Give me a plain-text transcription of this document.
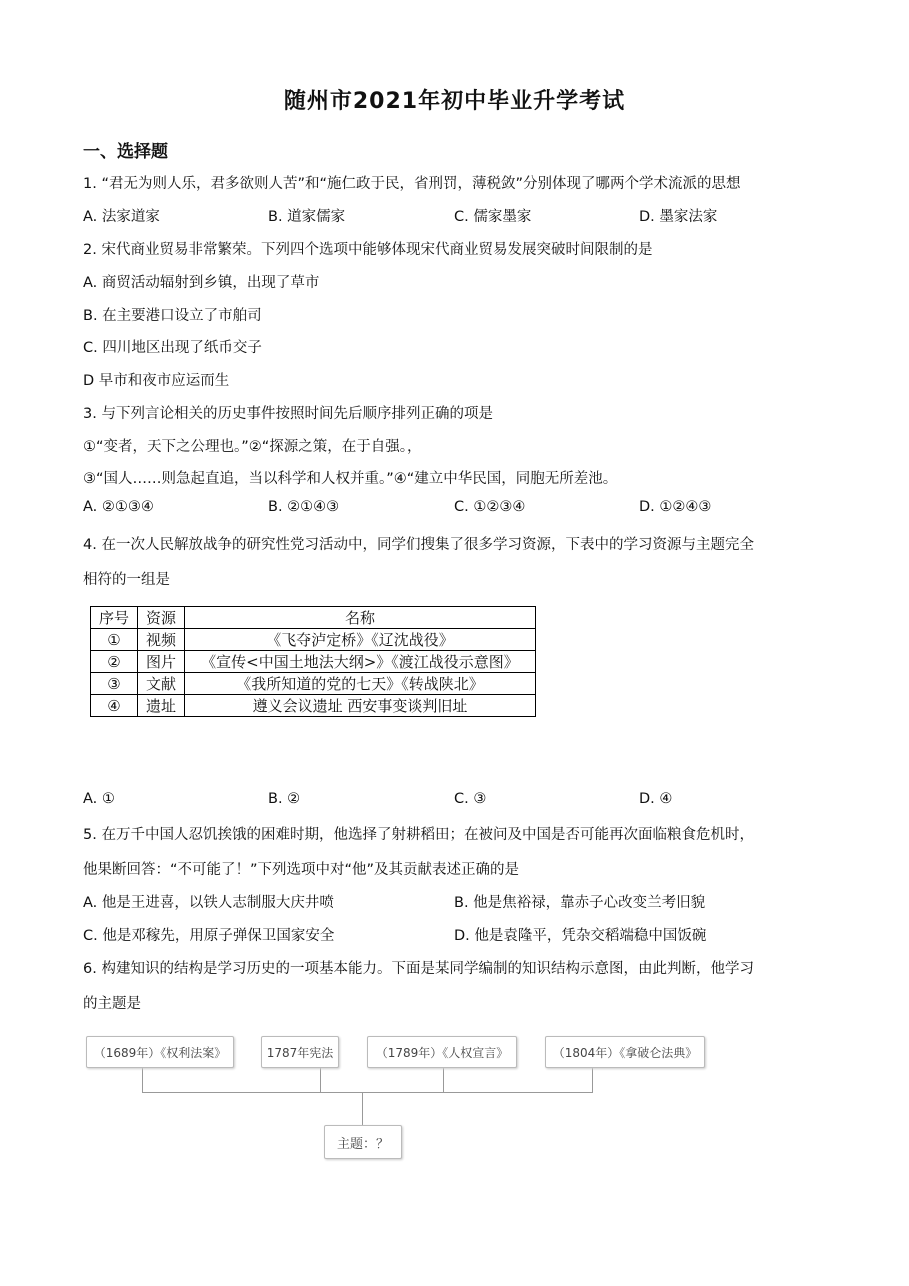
随州市2021年初中毕业升学考试
一、选择题
1. “君无为则人乐，君多欲则人苦”和“施仁政于民，省刑罚，薄税敛”分别体现了哪两个学术流派的思想
A. 法家道家	B. 道家儒家	C. 儒家墨家	D. 墨家法家
2. 宋代商业贸易非常繁荣。下列四个选项中能够体现宋代商业贸易发展突破时间限制的是
A. 商贸活动辐射到乡镇，出现了草市
B. 在主要港口设立了市舶司
C. 四川地区出现了纸币交子
D 早市和夜市应运而生
3. 与下列言论相关的历史事件按照时间先后顺序排列正确的项是
①“变者，天下之公理也。”②“探源之策，在于自强。，
③“国人……则急起直追，当以科学和人权并重。”④“建立中华民国，同胞无所差池。
A. ②①③④	B. ②①④③	C. ①②③④	D. ①②④③
4. 在一次人民解放战争的研究性党习活动中，同学们搜集了很多学习资源，下表中的学习资源与主题完全
相符的一组是
序号	资源	名称
①	视频	《飞夺泸定桥》《辽沈战役》
②	图片	《宣传<中国土地法大纲>》《渡江战役示意图》
③	文献	《我所知道的党的七天》《转战陕北》
④	遗址	遵义会议遗址 西安事变谈判旧址
A. ①	B. ②	C. ③	D. ④
5. 在万千中国人忍饥挨饿的困难时期，他选择了射耕稻田；在被问及中国是否可能再次面临粮食危机时，
他果断回答：“不可能了！”下列选项中对“他”及其贡献表述正确的是
A. 他是王进喜，以铁人志制服大庆井喷	B. 他是焦裕禄，靠赤子心改变兰考旧貌
C. 他是邓稼先，用原子弹保卫国家安全	D. 他是袁隆平，凭杂交稻端稳中国饭碗
6. 构建知识的结构是学习历史的一项基本能力。下面是某同学编制的知识结构示意图，由此判断，他学习
的主题是
（1689年）《权利法案》	1787年宪法	（1789年）《人权宣言》	（1804年）《拿破仑法典》
主题：？
